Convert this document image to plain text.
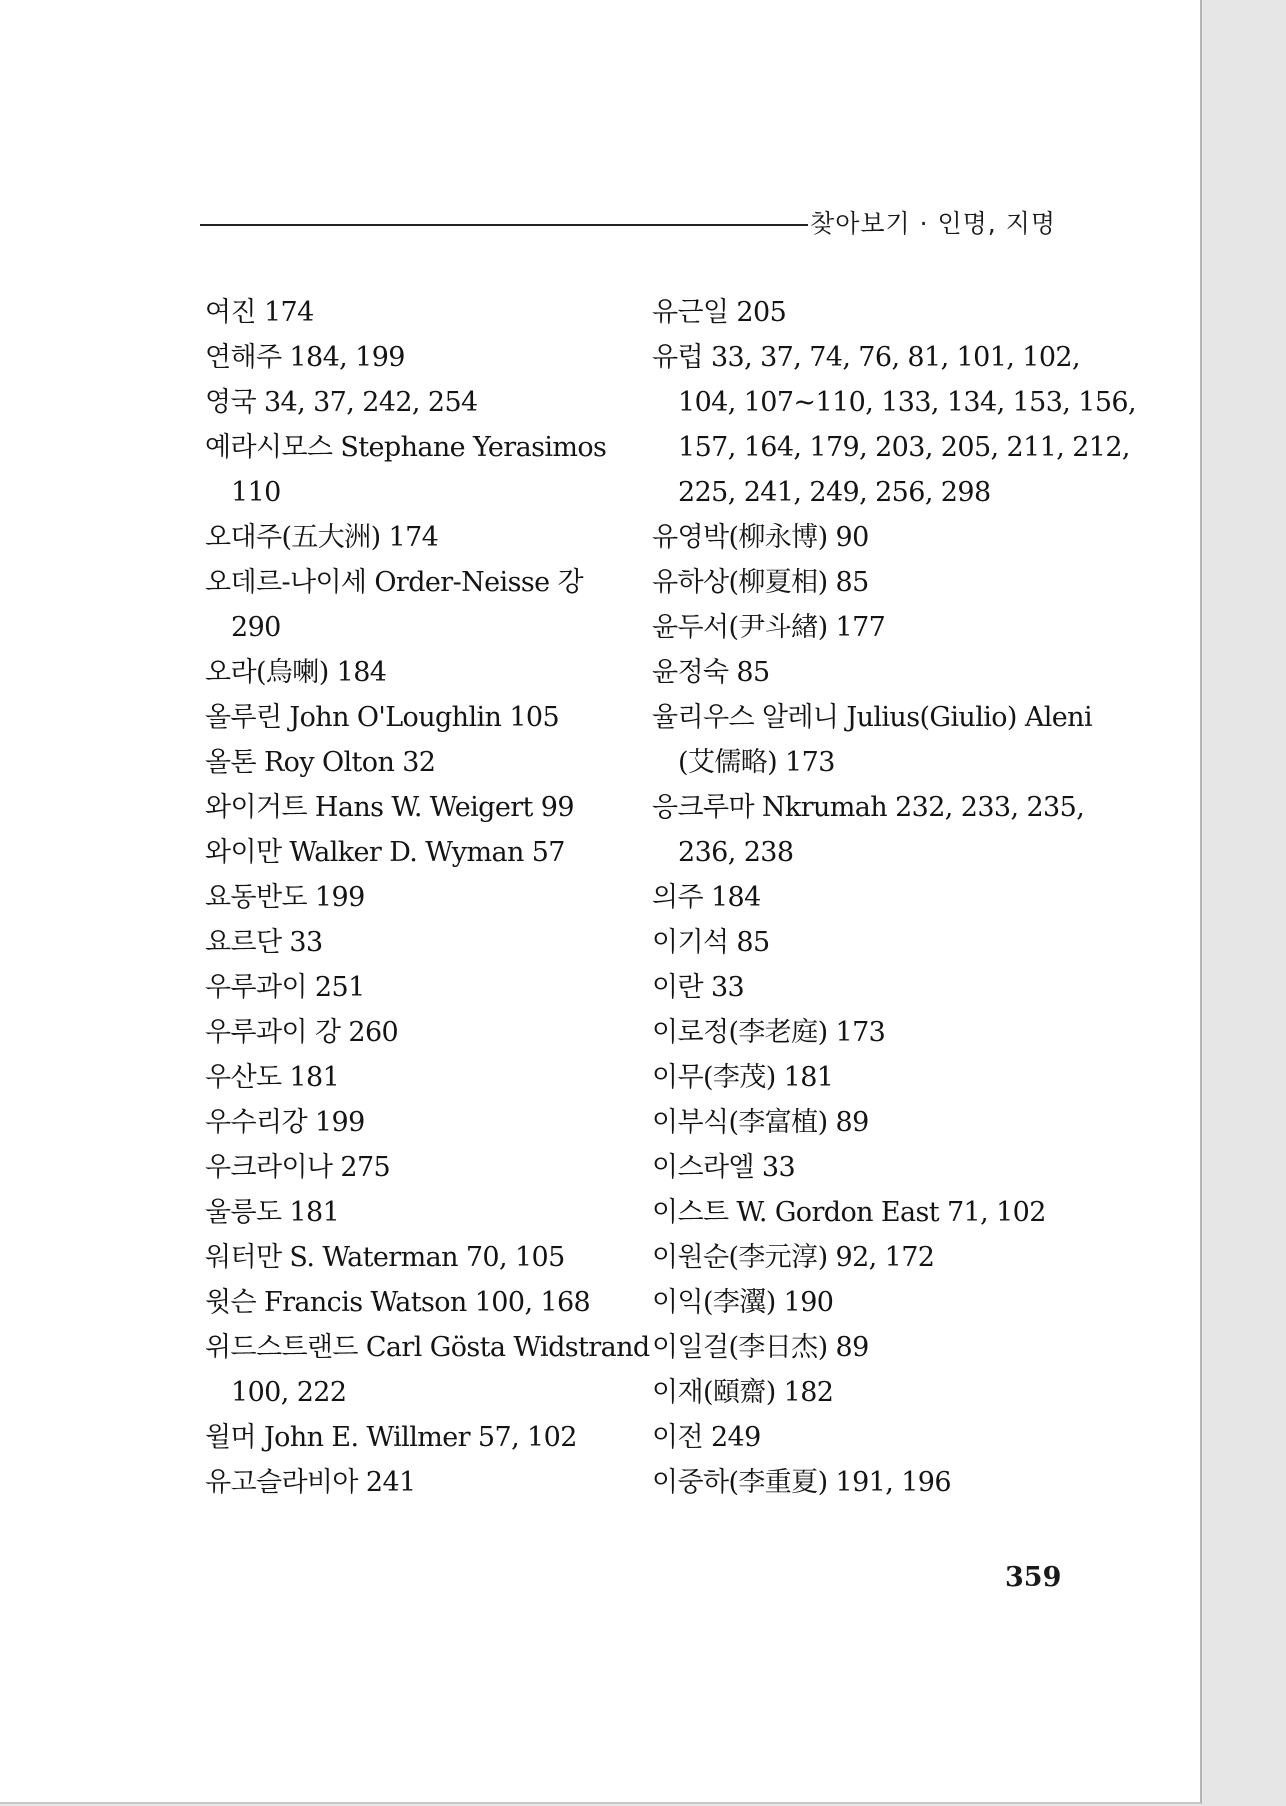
찾아보기 · 인명, 지명
여진 174
연해주 184, 199
영국 34, 37, 242, 254
예라시모스 Stephane Yerasimos
110
오대주(五大洲) 174
오데르-나이세 Order-Neisse 강
290
오라(烏喇) 184
올루린 John O'Loughlin 105
올톤 Roy Olton 32
와이거트 Hans W. Weigert 99
와이만 Walker D. Wyman 57
요동반도 199
요르단 33
우루과이 251
우루과이 강 260
우산도 181
우수리강 199
우크라이나 275
울릉도 181
워터만 S. Waterman 70, 105
윗슨 Francis Watson 100, 168
위드스트랜드 Carl Gösta Widstrand
100, 222
윌머 John E. Willmer 57, 102
유고슬라비아 241
유근일 205
유럽 33, 37, 74, 76, 81, 101, 102,
104, 107~110, 133, 134, 153, 156,
157, 164, 179, 203, 205, 211, 212,
225, 241, 249, 256, 298
유영박(柳永博) 90
유하상(柳夏相) 85
윤두서(尹斗緖) 177
윤정숙 85
율리우스 알레니 Julius(Giulio) Aleni
(艾儒略) 173
응크루마 Nkrumah 232, 233, 235,
236, 238
의주 184
이기석 85
이란 33
이로정(李老庭) 173
이무(李茂) 181
이부식(李富植) 89
이스라엘 33
이스트 W. Gordon East 71, 102
이원순(李元淳) 92, 172
이익(李瀷) 190
이일걸(李日杰) 89
이재(頤齋) 182
이전 249
이중하(李重夏) 191, 196
359
